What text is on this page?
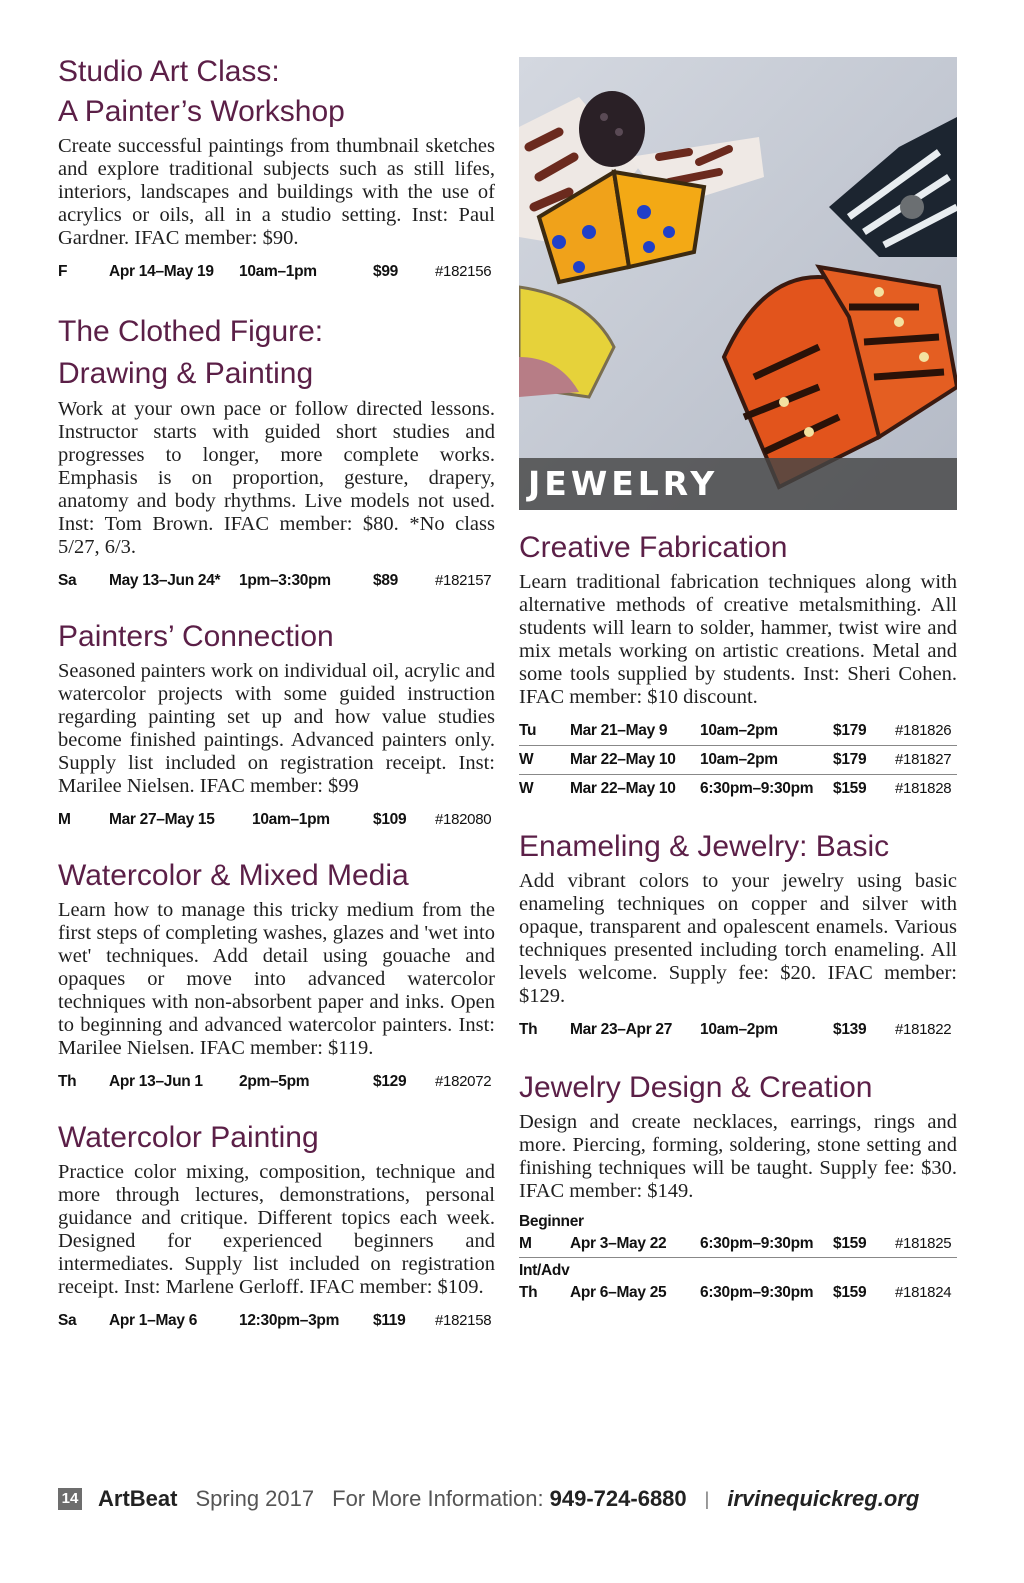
Studio Art Class:
A Painter’s Workshop

Create successful paintings from thumbnail sketches and explore traditional subjects such as still lifes, interiors, landscapes and buildings with the use of acrylics or oils, all in a studio setting. Inst: Paul Gardner. IFAC member: $90.

F	Apr 14–May 19	10am–1pm	$99	#182156
The Clothed Figure:
Drawing & Painting

Work at your own pace or follow directed lessons. Instructor starts with guided short studies and progresses to longer, more complete works. Emphasis is on proportion, gesture, drapery, anatomy and body rhythms. Live models not used. Inst: Tom Brown. IFAC member: $80. *No class 5/27, 6/3.

Sa	May 13–Jun 24*	1pm–3:30pm	$89	#182157
Painters’ Connection

Seasoned painters work on individual oil, acrylic and watercolor projects with some guided instruction regarding painting set up and how value studies become finished paintings. Advanced painters only. Supply list included on registration receipt. Inst: Marilee Nielsen. IFAC member: $99

M	Mar 27–May 15	10am–1pm	$109	#182080
Watercolor & Mixed Media

Learn how to manage this tricky medium from the first steps of completing washes, glazes and 'wet into wet' techniques. Add detail using gouache and opaques or move into advanced watercolor techniques with non-absorbent paper and inks. Open to beginning and advanced watercolor painters. Inst: Marilee Nielsen. IFAC member: $119.

Th	Apr 13–Jun 1	2pm–5pm	$129	#182072
Watercolor Painting

Practice color mixing, composition, technique and more through lectures, demonstrations, personal guidance and critique. Different topics each week. Designed for experienced beginners and intermediates. Supply list included on registration receipt. Inst: Marlene Gerloff. IFAC member: $109.

Sa	Apr 1–May 6	12:30pm–3pm	$119	#182158
JEWELRY
Creative Fabrication

Learn traditional fabrication techniques along with alternative methods of creative metalsmithing. All students will learn to solder, hammer, twist wire and mix metals working on artistic creations. Metal and some tools supplied by students. Inst: Sheri Cohen. IFAC member: $10 discount.

Tu	Mar 21–May 9	10am–2pm	$179	#181826
W	Mar 22–May 10	10am–2pm	$179	#181827
W	Mar 22–May 10	6:30pm–9:30pm	$159	#181828
Enameling & Jewelry: Basic

Add vibrant colors to your jewelry using basic enameling techniques on copper and silver with opaque, transparent and opalescent enamels. Various techniques presented including torch enameling. All levels welcome. Supply fee: $20. IFAC member: $129.

Th	Mar 23–Apr 27	10am–2pm	$139	#181822
Jewelry Design & Creation

Design and create necklaces, earrings, rings and more. Piercing, forming, soldering, stone setting and finishing techniques will be taught. Supply fee: $30. IFAC member: $149.

Beginner
M	Apr 3–May 22	6:30pm–9:30pm	$159	#181825
Int/Adv
Th	Apr 6–May 25	6:30pm–9:30pm	$159	#181824
14 ArtBeat Spring 2017 For More Information: 949-724-6880 | irvinequickreg.org
